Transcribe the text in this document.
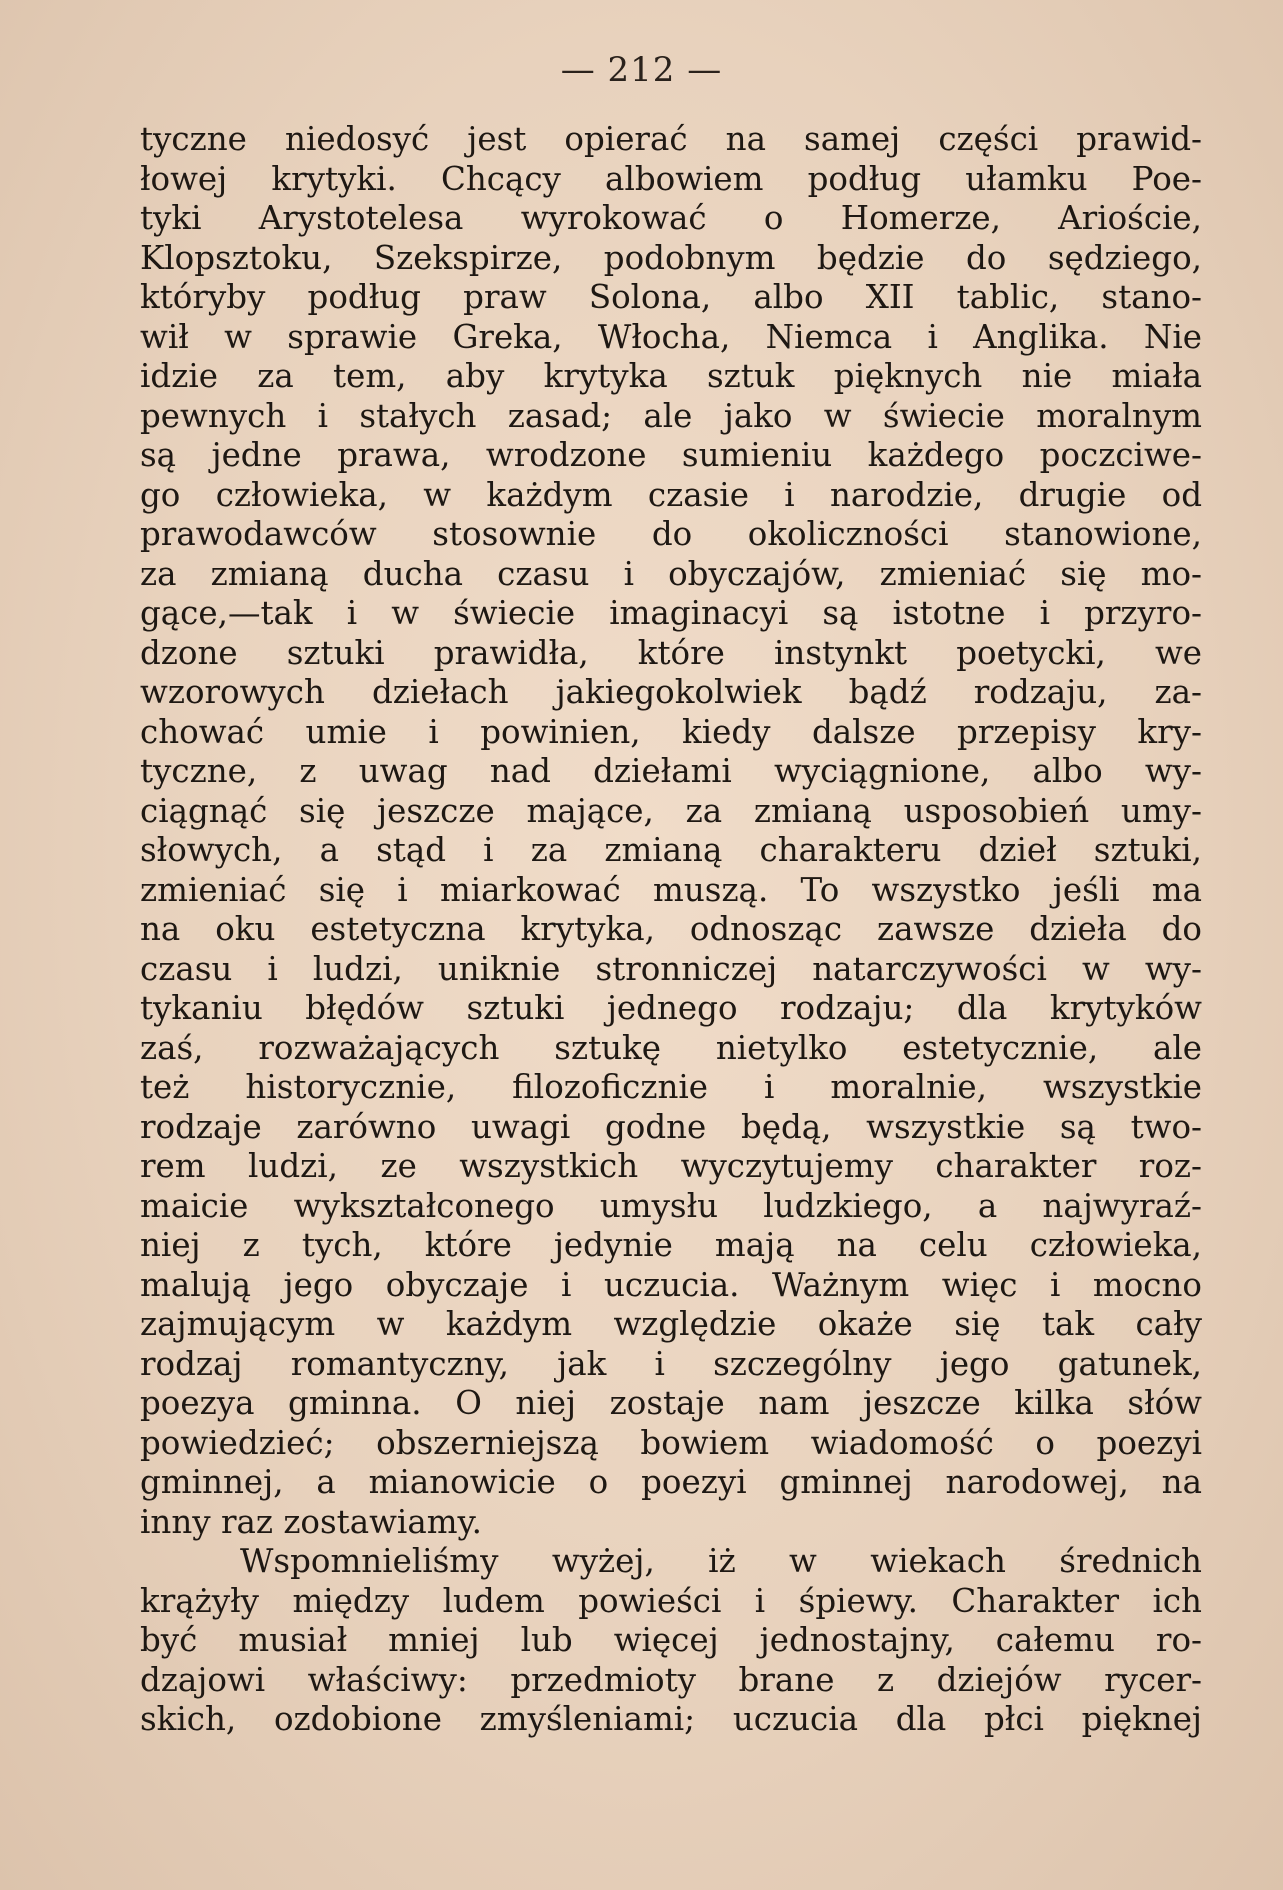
— 212 —
tyczne niedosyć jest opierać na samej części prawid-
łowej krytyki. Chcący albowiem podług ułamku Poe-
tyki Arystotelesa wyrokować o Homerze, Arioście,
Klopsztoku, Szekspirze, podobnym będzie do sędziego,
któryby podług praw Solona, albo XII tablic, stano-
wił w sprawie Greka, Włocha, Niemca i Anglika. Nie
idzie za tem, aby krytyka sztuk pięknych nie miała
pewnych i stałych zasad; ale jako w świecie moralnym
są jedne prawa, wrodzone sumieniu każdego poczciwe-
go człowieka, w każdym czasie i narodzie, drugie od
prawodawców stosownie do okoliczności stanowione,
za zmianą ducha czasu i obyczajów, zmieniać się mo-
gące,—tak i w świecie imaginacyi są istotne i przyro-
dzone sztuki prawidła, które instynkt poetycki, we
wzorowych dziełach jakiegokolwiek bądź rodzaju, za-
chować umie i powinien, kiedy dalsze przepisy kry-
tyczne, z uwag nad dziełami wyciągnione, albo wy-
ciągnąć się jeszcze mające, za zmianą usposobień umy-
słowych, a stąd i za zmianą charakteru dzieł sztuki,
zmieniać się i miarkować muszą. To wszystko jeśli ma
na oku estetyczna krytyka, odnosząc zawsze dzieła do
czasu i ludzi, uniknie stronniczej natarczywości w wy-
tykaniu błędów sztuki jednego rodzaju; dla krytyków
zaś, rozważających sztukę nietylko estetycznie, ale
też historycznie, filozoficznie i moralnie, wszystkie
rodzaje zarówno uwagi godne będą, wszystkie są two-
rem ludzi, ze wszystkich wyczytujemy charakter roz-
maicie wykształconego umysłu ludzkiego, a najwyraź-
niej z tych, które jedynie mają na celu człowieka,
malują jego obyczaje i uczucia. Ważnym więc i mocno
zajmującym w każdym względzie okaże się tak cały
rodzaj romantyczny, jak i szczególny jego gatunek,
poezya gminna. O niej zostaje nam jeszcze kilka słów
powiedzieć; obszerniejszą bowiem wiadomość o poezyi
gminnej, a mianowicie o poezyi gminnej narodowej, na
inny raz zostawiamy.
Wspomnieliśmy wyżej, iż w wiekach średnich
krążyły między ludem powieści i śpiewy. Charakter ich
być musiał mniej lub więcej jednostajny, całemu ro-
dzajowi właściwy: przedmioty brane z dziejów rycer-
skich, ozdobione zmyśleniami; uczucia dla płci pięknej
